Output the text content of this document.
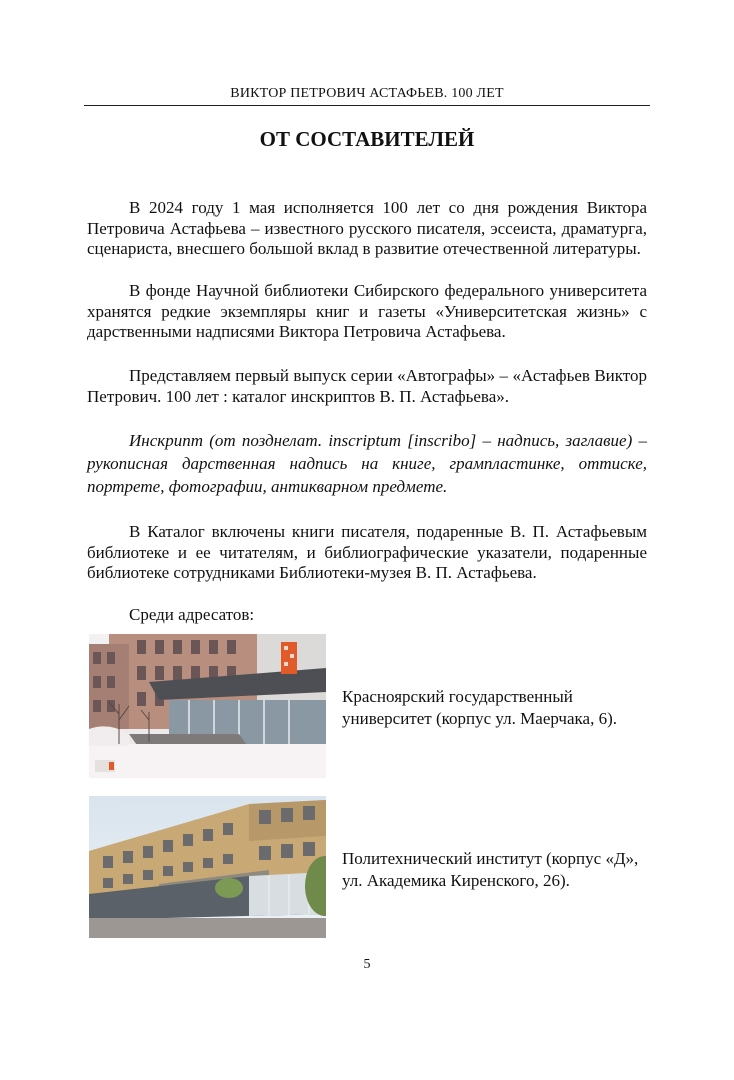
ВИКТОР ПЕТРОВИЧ АСТАФЬЕВ. 100 ЛЕТ
ОТ СОСТАВИТЕЛЕЙ

В 2024 году 1 мая исполняется 100 лет со дня рождения Виктора Петровича Астафьева – известного русского писателя, эссеиста, драматурга, сценариста, внесшего большой вклад в развитие отечественной литературы.

В фонде Научной библиотеки Сибирского федерального университета хранятся редкие экземпляры книг и газеты «Университетская жизнь» с дарственными надписями Виктора Петровича Астафьева.

Представляем первый выпуск серии «Автографы» – «Астафьев Виктор Петрович. 100 лет : каталог инскриптов В. П. Астафьева».

Инскрипт (от позднелат. inscriptum [inscribo] – надпись, заглавие) – рукописная дарственная надпись на книге, грампластинке, оттиске, портрете, фотографии, антикварном предмете.

В Каталог включены книги писателя, подаренные В. П. Астафьевым библиотеке и ее читателям, и библиографические указатели, подаренные библиотеке сотрудниками Библиотеки-музея В. П. Астафьева.

Среди адресатов:

Красноярский государственный университет (корпус ул. Маерчака, 6).

Политехнический институт (корпус «Д», ул. Академика Киренского, 26).

5
